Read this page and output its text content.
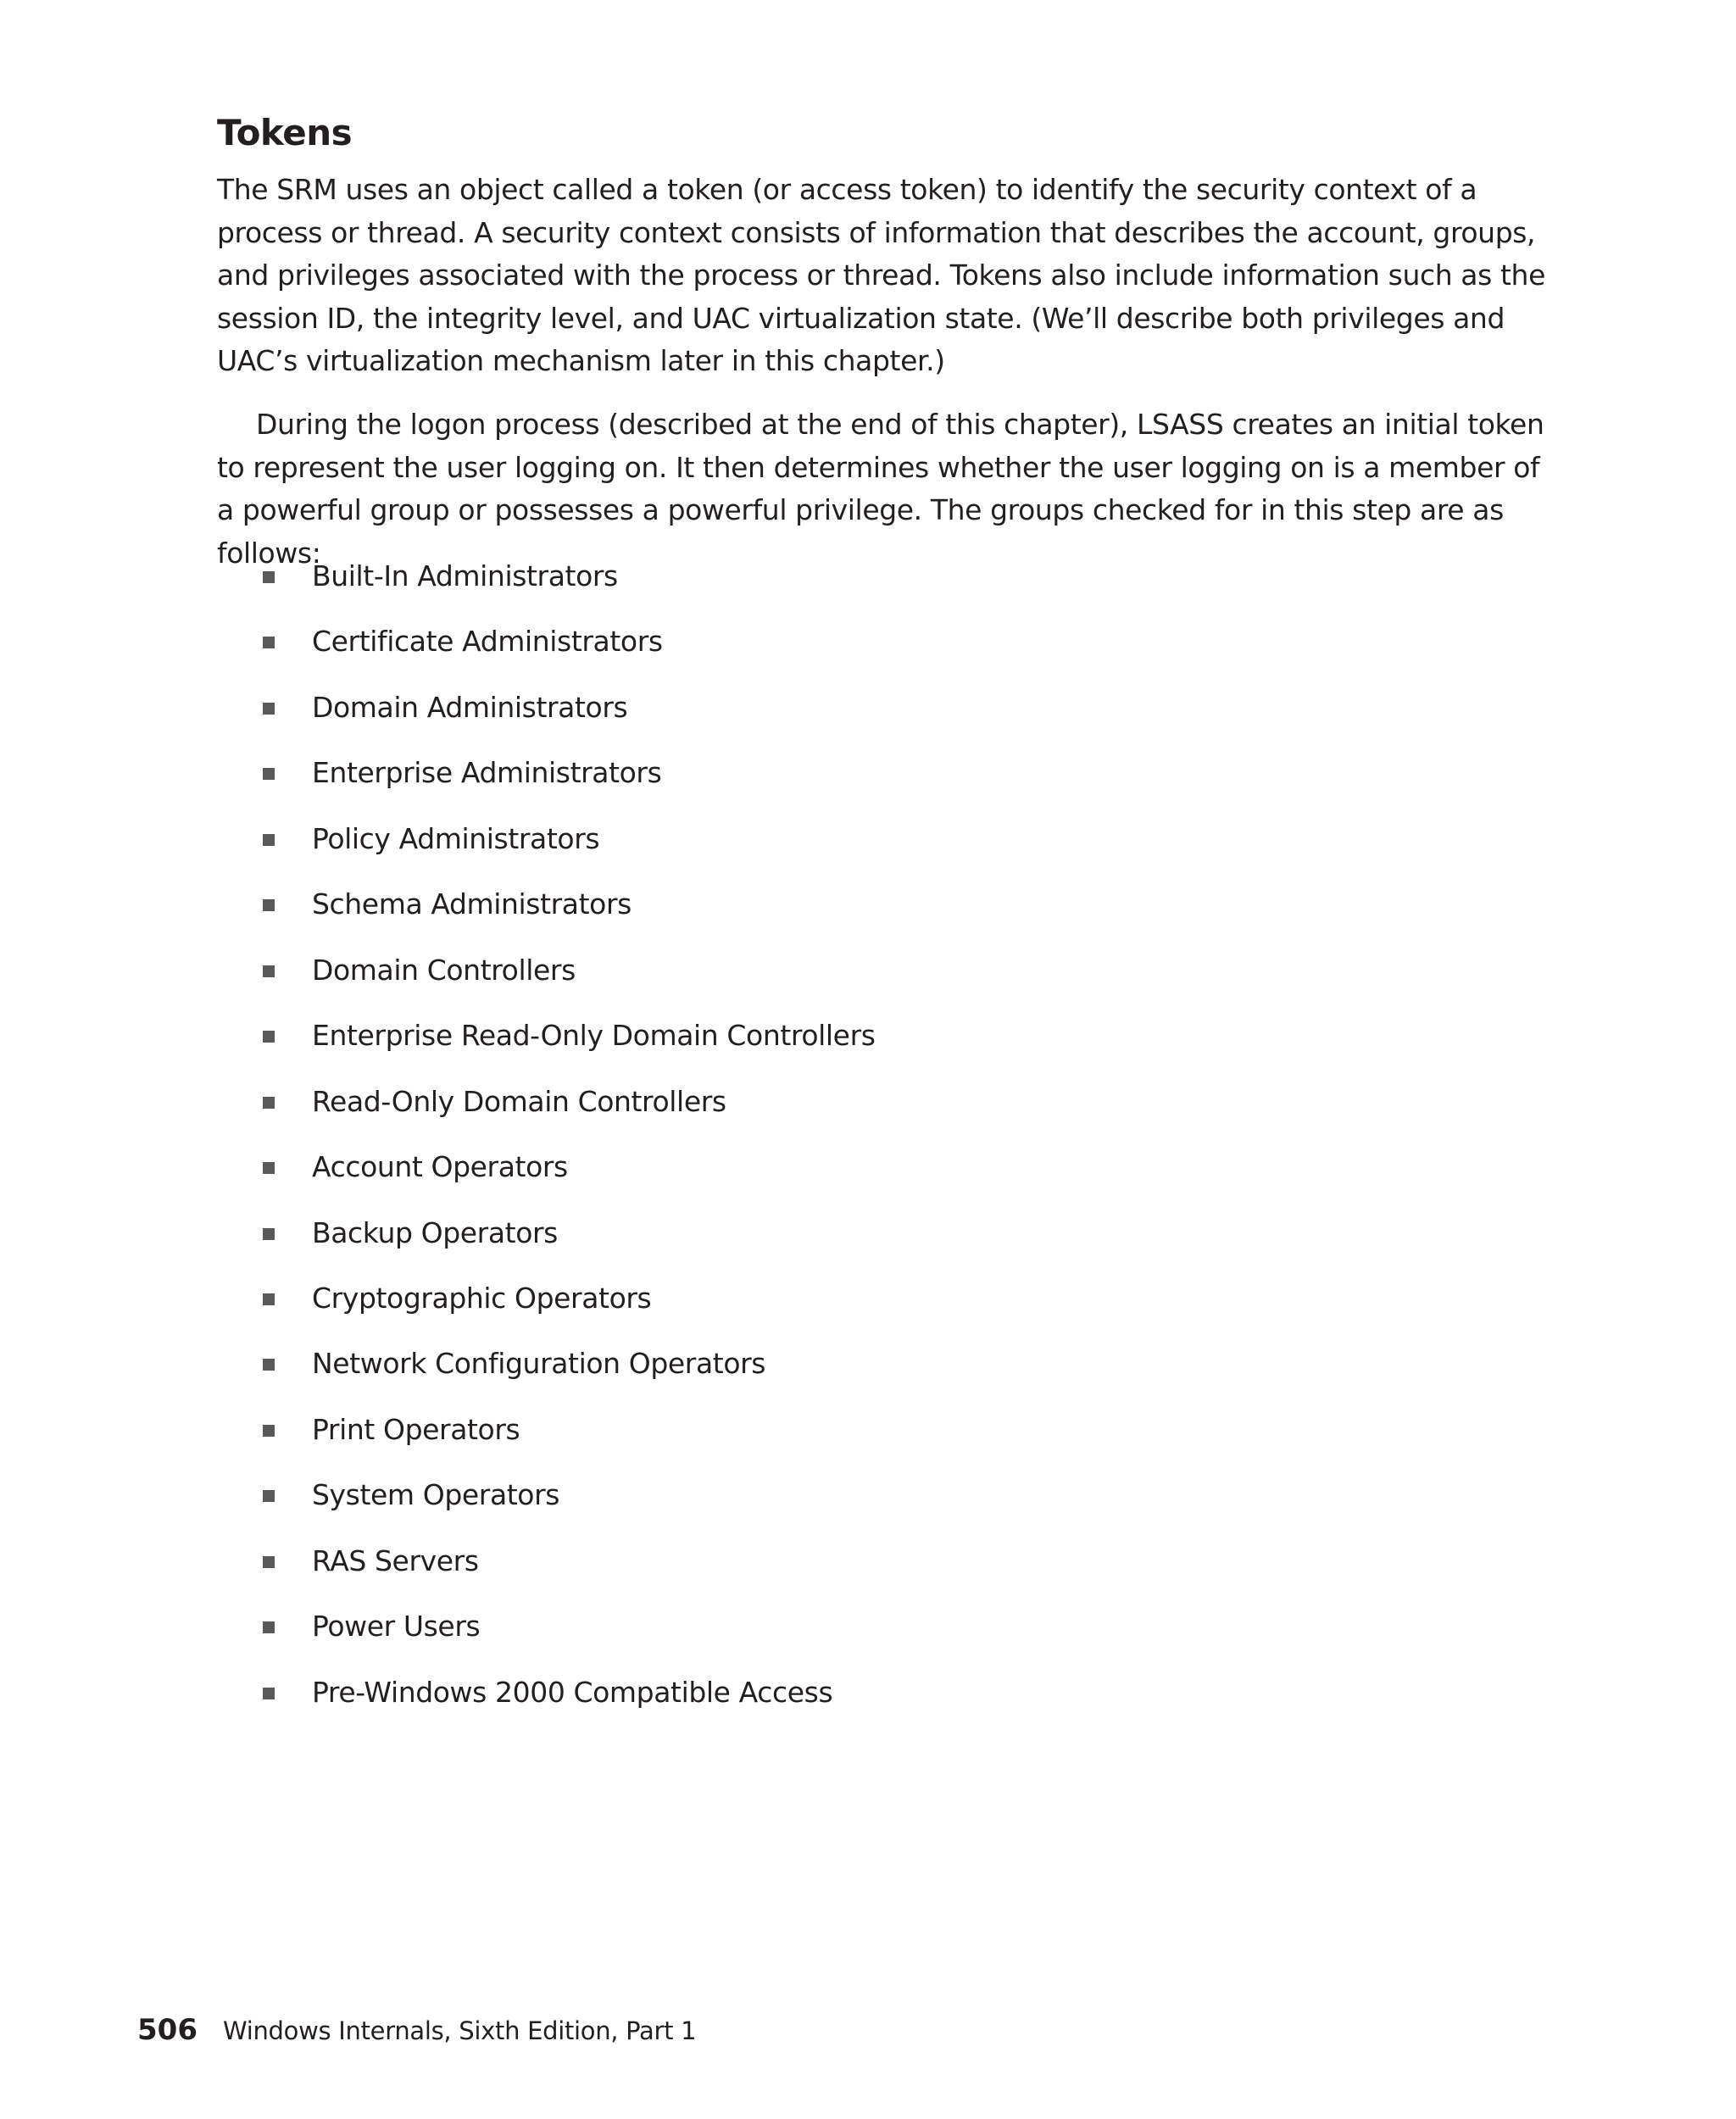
Tokens

The SRM uses an object called a token (or access token) to identify the security context of a process or thread. A security context consists of information that describes the account, groups, and privileges associated with the process or thread. Tokens also include information such as the session ID, the integrity level, and UAC virtualization state. (We’ll describe both privileges and UAC’s virtualization mechanism later in this chapter.)

During the logon process (described at the end of this chapter), LSASS creates an initial token to represent the user logging on. It then determines whether the user logging on is a member of a powerful group or possesses a powerful privilege. The groups checked for in this step are as follows:

Built-In Administrators
Certificate Administrators
Domain Administrators
Enterprise Administrators
Policy Administrators
Schema Administrators
Domain Controllers
Enterprise Read-Only Domain Controllers
Read-Only Domain Controllers
Account Operators
Backup Operators
Cryptographic Operators
Network Configuration Operators
Print Operators
System Operators
RAS Servers
Power Users
Pre-Windows 2000 Compatible Access
506 Windows Internals, Sixth Edition, Part 1
